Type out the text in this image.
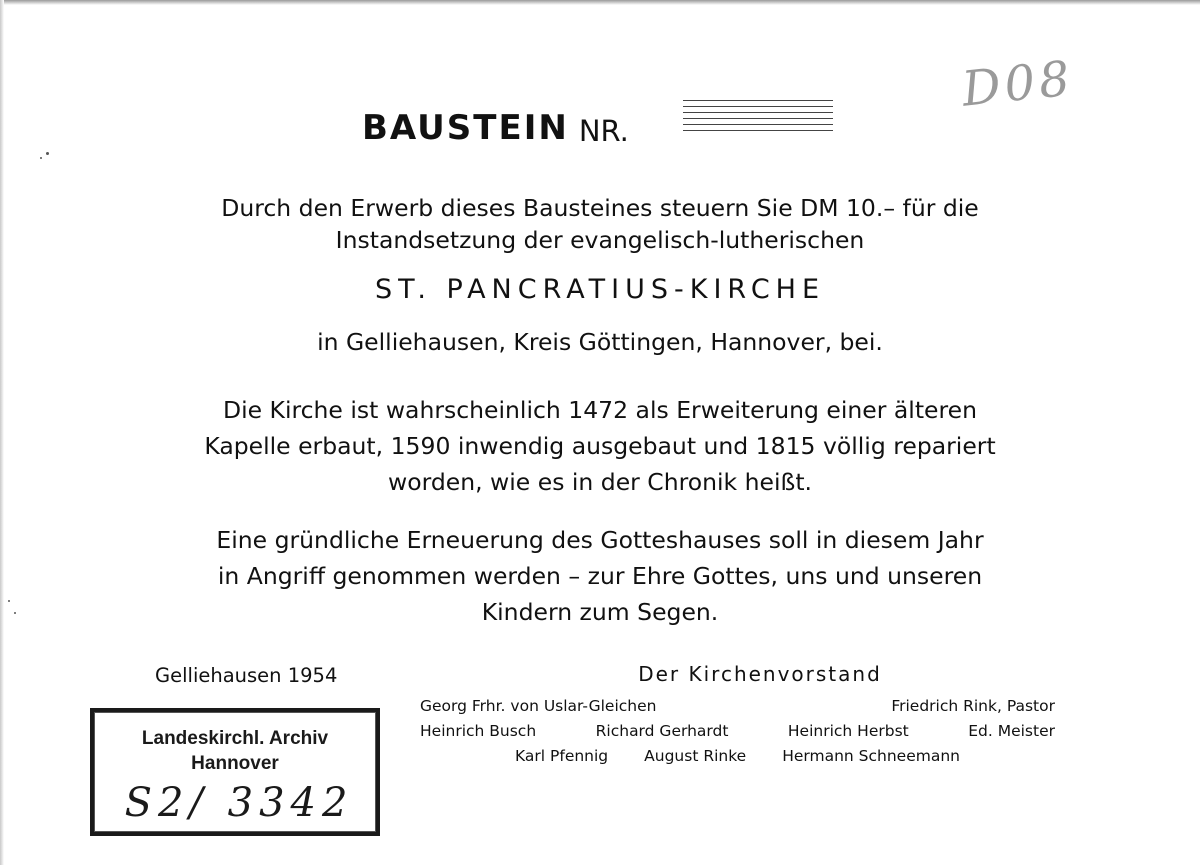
D08
BAUSTEIN NR.
Durch den Erwerb dieses Bausteines steuern Sie DM 10.– für die
Instandsetzung der evangelisch-lutherischen
ST. PANCRATIUS-KIRCHE
in Gelliehausen, Kreis Göttingen, Hannover, bei.
Die Kirche ist wahrscheinlich 1472 als Erweiterung einer älteren
Kapelle erbaut, 1590 inwendig ausgebaut und 1815 völlig repariert
worden, wie es in der Chronik heißt.
Eine gründliche Erneuerung des Gotteshauses soll in diesem Jahr
in Angriff genommen werden – zur Ehre Gottes, uns und unseren
Kindern zum Segen.
Gelliehausen 1954	Der Kirchenvorstand
Georg Frhr. von Uslar-Gleichen	Friedrich Rink, Pastor
Heinrich Busch	Richard Gerhardt	Heinrich Herbst	Ed. Meister
Karl Pfennig August Rinke Hermann Schneemann
Landeskirchl. Archiv
Hannover
S2/ 3342
